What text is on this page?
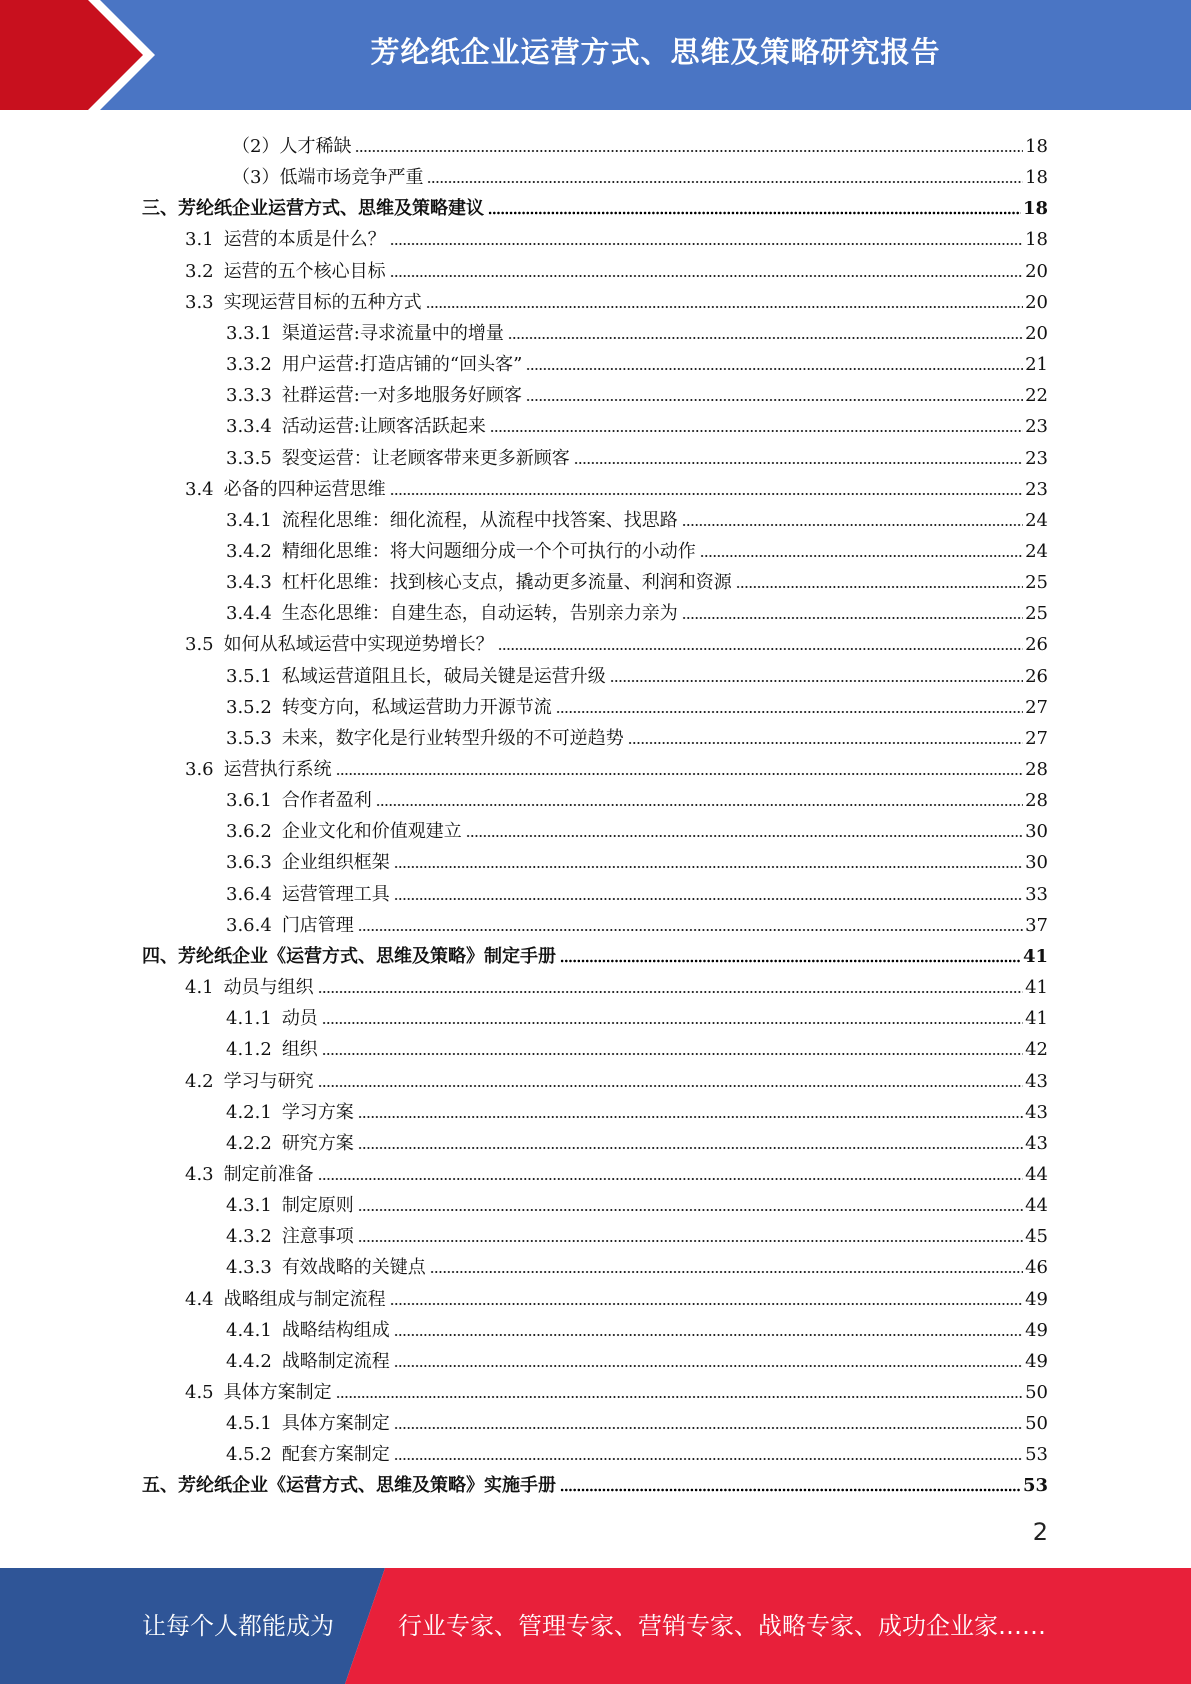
芳纶纸企业运营方式、思维及策略研究报告
（2）人才稀缺	18
（3）低端市场竞争严重	18
三、芳纶纸企业运营方式、思维及策略建议	18
3.1 运营的本质是什么？	18
3.2 运营的五个核心目标	20
3.3 实现运营目标的五种方式	20
3.3.1 渠道运营:寻求流量中的增量	20
3.3.2 用户运营:打造店铺的“回头客”	21
3.3.3 社群运营:一对多地服务好顾客	22
3.3.4 活动运营:让顾客活跃起来	23
3.3.5 裂变运营：让老顾客带来更多新顾客	23
3.4 必备的四种运营思维	23
3.4.1 流程化思维：细化流程，从流程中找答案、找思路	24
3.4.2 精细化思维：将大问题细分成一个个可执行的小动作	24
3.4.3 杠杆化思维：找到核心支点，撬动更多流量、利润和资源	25
3.4.4 生态化思维：自建生态，自动运转，告别亲力亲为	25
3.5 如何从私域运营中实现逆势增长？	26
3.5.1 私域运营道阻且长，破局关键是运营升级	26
3.5.2 转变方向，私域运营助力开源节流	27
3.5.3 未来，数字化是行业转型升级的不可逆趋势	27
3.6 运营执行系统	28
3.6.1 合作者盈利	28
3.6.2 企业文化和价值观建立	30
3.6.3 企业组织框架	30
3.6.4 运营管理工具	33
3.6.4 门店管理	37
四、芳纶纸企业《运营方式、思维及策略》制定手册	41
4.1 动员与组织	41
4.1.1 动员	41
4.1.2 组织	42
4.2 学习与研究	43
4.2.1 学习方案	43
4.2.2 研究方案	43
4.3 制定前准备	44
4.3.1 制定原则	44
4.3.2 注意事项	45
4.3.3 有效战略的关键点	46
4.4 战略组成与制定流程	49
4.4.1 战略结构组成	49
4.4.2 战略制定流程	49
4.5 具体方案制定	50
4.5.1 具体方案制定	50
4.5.2 配套方案制定	53
五、芳纶纸企业《运营方式、思维及策略》实施手册	53
2
让每个人都能成为	行业专家、管理专家、营销专家、战略专家、成功企业家……
